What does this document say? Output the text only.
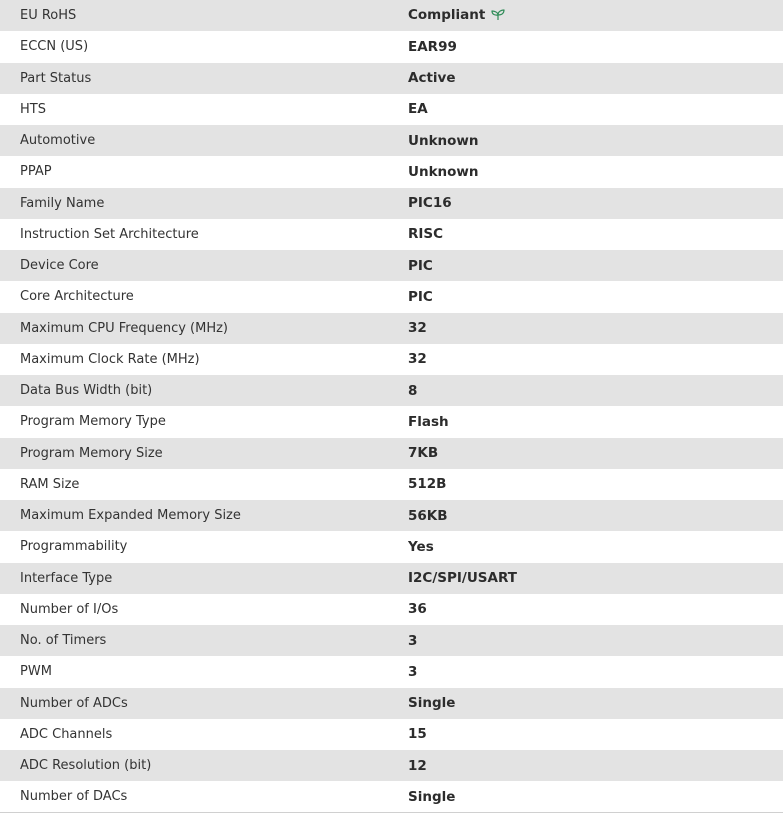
EU RoHS	Compliant
ECCN (US)	EAR99
Part Status	Active
HTS	EA
Automotive	Unknown
PPAP	Unknown
Family Name	PIC16
Instruction Set Architecture	RISC
Device Core	PIC
Core Architecture	PIC
Maximum CPU Frequency (MHz)	32
Maximum Clock Rate (MHz)	32
Data Bus Width (bit)	8
Program Memory Type	Flash
Program Memory Size	7KB
RAM Size	512B
Maximum Expanded Memory Size	56KB
Programmability	Yes
Interface Type	I2C/SPI/USART
Number of I/Os	36
No. of Timers	3
PWM	3
Number of ADCs	Single
ADC Channels	15
ADC Resolution (bit)	12
Number of DACs	Single
